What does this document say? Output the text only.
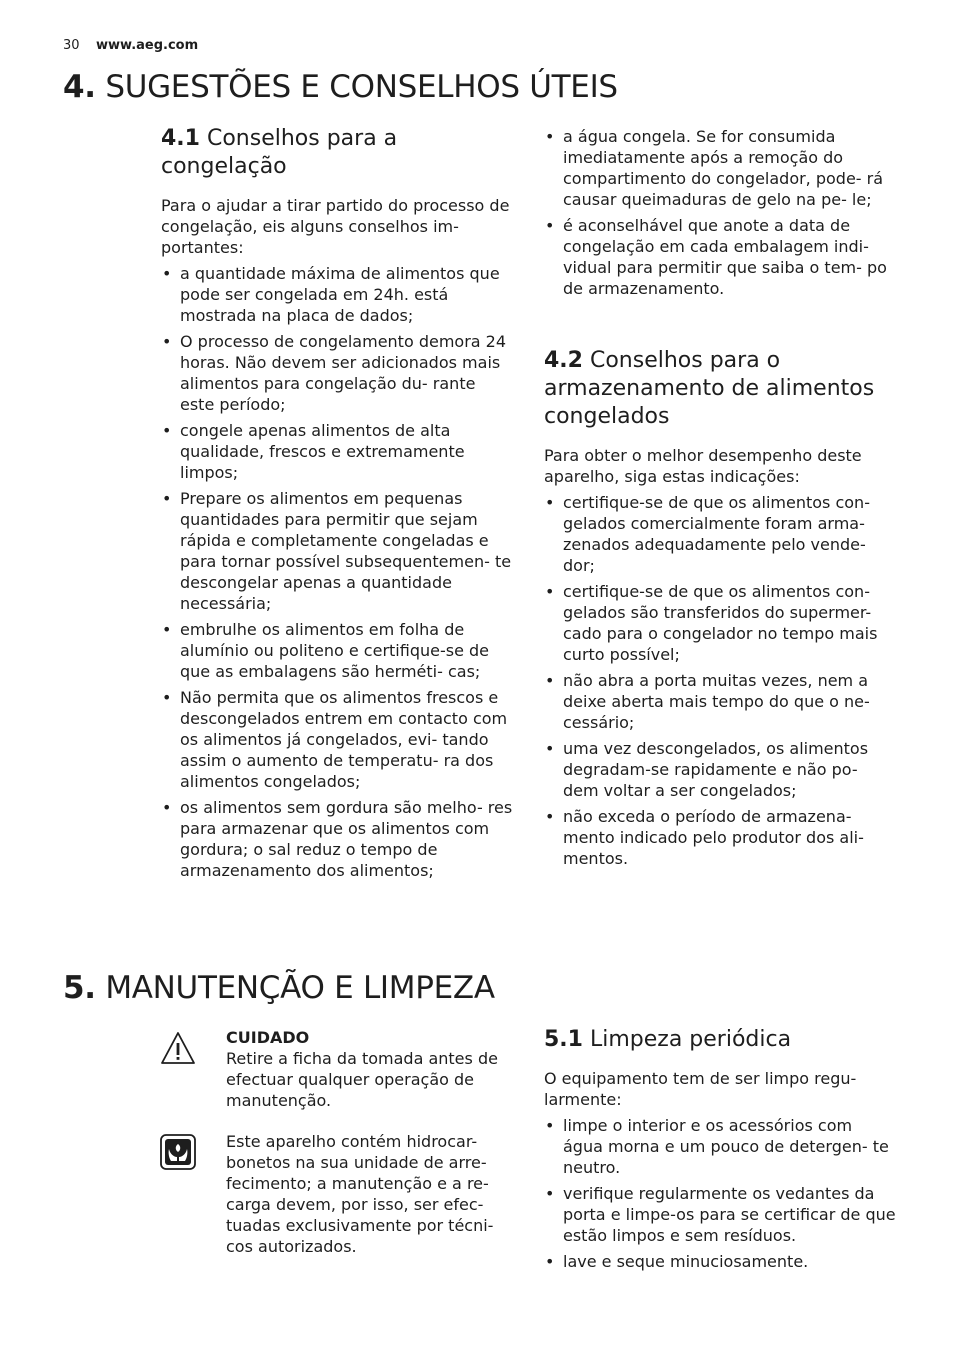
30 www.aeg.com
4. SUGESTÕES E CONSELHOS ÚTEIS
4.1 Conselhos para a congelação

Para o ajudar a tirar partido do processo de congelação, eis alguns conselhos im- portantes:

• a quantidade máxima de alimentos que pode ser congelada em 24h. está mostrada na placa de dados;
• O processo de congelamento demora 24 horas. Não devem ser adicionados mais alimentos para congelação du- rante este período;
• congele apenas alimentos de alta qualidade, frescos e extremamente limpos;
• Prepare os alimentos em pequenas quantidades para permitir que sejam rápida e completamente congeladas e para tornar possível subsequentemen- te descongelar apenas a quantidade necessária;
• embrulhe os alimentos em folha de alumínio ou politeno e certifique-se de que as embalagens são herméti- cas;
• Não permita que os alimentos frescos e descongelados entrem em contacto com os alimentos já congelados, evi- tando assim o aumento de temperatu- ra dos alimentos congelados;
• os alimentos sem gordura são melho- res para armazenar que os alimentos com gordura; o sal reduz o tempo de armazenamento dos alimentos;
• a água congela. Se for consumida imediatamente após a remoção do compartimento do congelador, pode- rá causar queimaduras de gelo na pe- le;
• é aconselhável que anote a data de congelação em cada embalagem indi- vidual para permitir que saiba o tem- po de armazenamento.
4.2 Conselhos para o armazenamento de alimentos congelados

Para obter o melhor desempenho deste aparelho, siga estas indicações:

• certifique-se de que os alimentos con- gelados comercialmente foram arma- zenados adequadamente pelo vende- dor;
• certifique-se de que os alimentos con- gelados são transferidos do supermer- cado para o congelador no tempo mais curto possível;
• não abra a porta muitas vezes, nem a deixe aberta mais tempo do que o ne- cessário;
• uma vez descongelados, os alimentos degradam-se rapidamente e não po- dem voltar a ser congelados;
• não exceda o período de armazena- mento indicado pelo produtor dos ali- mentos.
5. MANUTENÇÃO E LIMPEZA
CUIDADO
Retire a ficha da tomada antes de efectuar qualquer operação de manutenção.
Este aparelho contém hidrocar- bonetos na sua unidade de arre- fecimento; a manutenção e a re- carga devem, por isso, ser efec- tuadas exclusivamente por técni- cos autorizados.
5.1 Limpeza periódica

O equipamento tem de ser limpo regu- larmente:

• limpe o interior e os acessórios com água morna e um pouco de detergen- te neutro.
• verifique regularmente os vedantes da porta e limpe-os para se certificar de que estão limpos e sem resíduos.
• lave e seque minuciosamente.
